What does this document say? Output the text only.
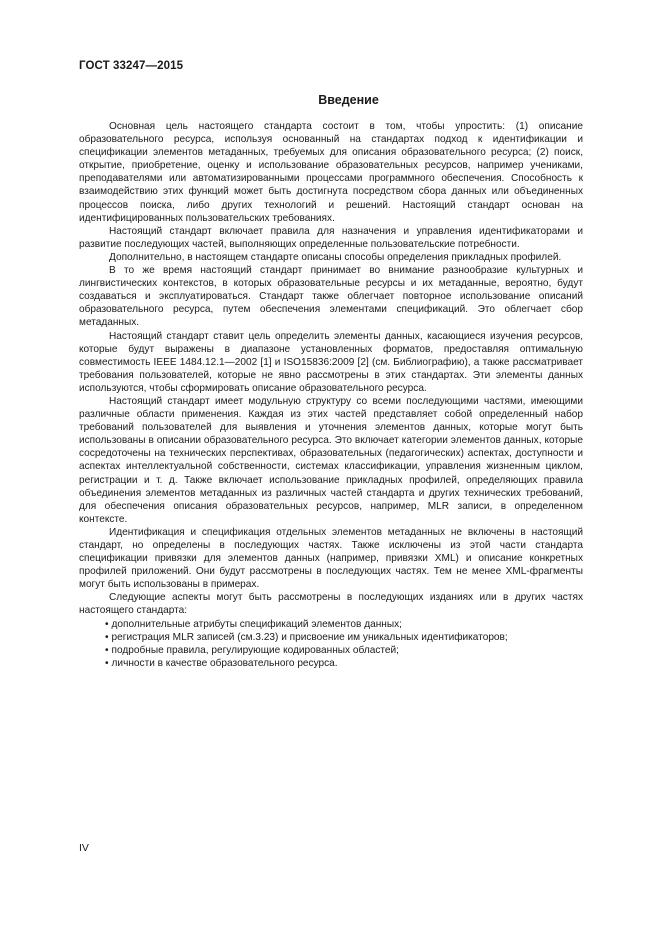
ГОСТ 33247—2015
Введение

Основная цель настоящего стандарта состоит в том, чтобы упростить: (1) описание образовательного ресурса, используя основанный на стандартах подход к идентификации и спецификации элементов метаданных, требуемых для описания образовательного ресурса; (2) поиск, открытие, приобретение, оценку и использование образовательных ресурсов, например учениками, преподавателями или автоматизированными процессами программного обеспечения. Способность к взаимодействию этих функций может быть достигнута посредством сбора данных или объединенных процессов поиска, либо других технологий и решений. Настоящий стандарт основан на идентифицированных пользовательских требованиях.

Настоящий стандарт включает правила для назначения и управления идентификаторами и развитие последующих частей, выполняющих определенные пользовательские потребности.

Дополнительно, в настоящем стандарте описаны способы определения прикладных профилей.

В то же время настоящий стандарт принимает во внимание разнообразие культурных и лингвистических контекстов, в которых образовательные ресурсы и их метаданные, вероятно, будут создаваться и эксплуатироваться. Стандарт также облегчает повторное использование описаний образовательного ресурса, путем обеспечения элементами спецификаций. Это облегчает сбор метаданных.

Настоящий стандарт ставит цель определить элементы данных, касающиеся изучения ресурсов, которые будут выражены в диапазоне установленных форматов, предоставляя оптимальную совместимость IEEE 1484.12.1—2002 [1] и ISO15836:2009 [2] (см. Библиографию), а также рассматривает требования пользователей, которые не явно рассмотрены в этих стандартах. Эти элементы данных используются, чтобы сформировать описание образовательного ресурса.

Настоящий стандарт имеет модульную структуру со всеми последующими частями, имеющими различные области применения. Каждая из этих частей представляет собой определенный набор требований пользователей для выявления и уточнения элементов данных, которые могут быть использованы в описании образовательного ресурса. Это включает категории элементов данных, которые сосредоточены на технических перспективах, образовательных (педагогических) аспектах, доступности и аспектах интеллектуальной собственности, системах классификации, управления жизненным циклом, регистрации и т. д. Также включает использование прикладных профилей, определяющих правила объединения элементов метаданных из различных частей стандарта и других технических требований, для обеспечения описания образовательных ресурсов, например, MLR записи, в определенном контексте.

Идентификация и спецификация отдельных элементов метаданных не включены в настоящий стандарт, но определены в последующих частях. Также исключены из этой части стандарта спецификации привязки для элементов данных (например, привязки XML) и описание конкретных профилей приложений. Они будут рассмотрены в последующих частях. Тем не менее XML-фрагменты могут быть использованы в примерах.

Следующие аспекты могут быть рассмотрены в последующих изданиях или в других частях настоящего стандарта:

• дополнительные атрибуты спецификаций элементов данных;
• регистрация MLR записей (см.3.23) и присвоение им уникальных идентификаторов;
• подробные правила, регулирующие кодированных областей;
• личности в качестве образовательного ресурса.
IV
